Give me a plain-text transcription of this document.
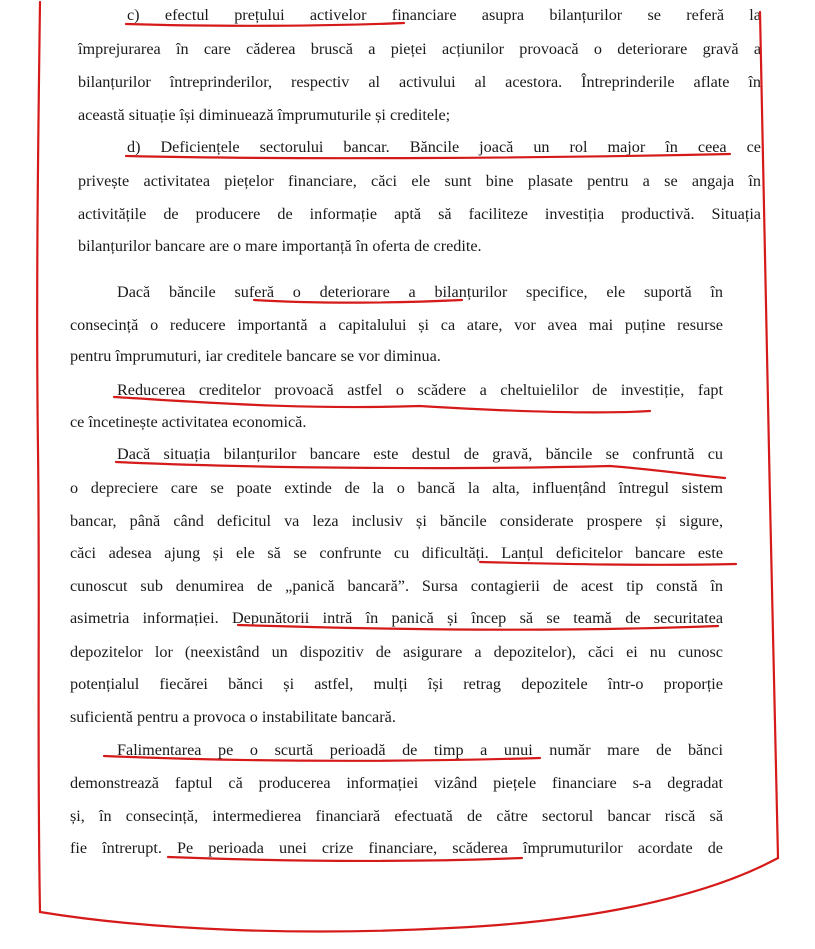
c) efectul prețului activelor financiare asupra bilanțurilor se referă la

împrejurarea în care căderea bruscă a pieței acțiunilor provoacă o deteriorare gravă a

bilanțurilor întreprinderilor, respectiv al activului al acestora. Întreprinderile aflate în

această situație își diminuează împrumuturile și creditele;

d) Deficiențele sectorului bancar. Băncile joacă un rol major în ceea ce

privește activitatea piețelor financiare, căci ele sunt bine plasate pentru a se angaja în

activitățile de producere de informație aptă să faciliteze investiția productivă. Situația

bilanțurilor bancare are o mare importanță în oferta de credite.

Dacă băncile suferă o deteriorare a bilanțurilor specifice, ele suportă în

consecință o reducere importantă a capitalului și ca atare, vor avea mai puține resurse

pentru împrumuturi, iar creditele bancare se vor diminua.

Reducerea creditelor provoacă astfel o scădere a cheltuielilor de investiție, fapt

ce încetinește activitatea economică.

Dacă situația bilanțurilor bancare este destul de gravă, băncile se confruntă cu

o depreciere care se poate extinde de la o bancă la alta, influențând întregul sistem

bancar, până când deficitul va leza inclusiv și băncile considerate prospere și sigure,

căci adesea ajung și ele să se confrunte cu dificultăți. Lanțul deficitelor bancare este

cunoscut sub denumirea de „panică bancară”. Sursa contagierii de acest tip constă în

asimetria informației. Depunătorii intră în panică și încep să se teamă de securitatea

depozitelor lor (neexistând un dispozitiv de asigurare a depozitelor), căci ei nu cunosc

potențialul fiecărei bănci și astfel, mulți își retrag depozitele într-o proporție

suficientă pentru a provoca o instabilitate bancară.

Falimentarea pe o scurtă perioadă de timp a unui număr mare de bănci

demonstrează faptul că producerea informației vizând piețele financiare s-a degradat

și, în consecință, intermedierea financiară efectuată de către sectorul bancar riscă să

fie întrerupt. Pe perioada unei crize financiare, scăderea împrumuturilor acordate de
